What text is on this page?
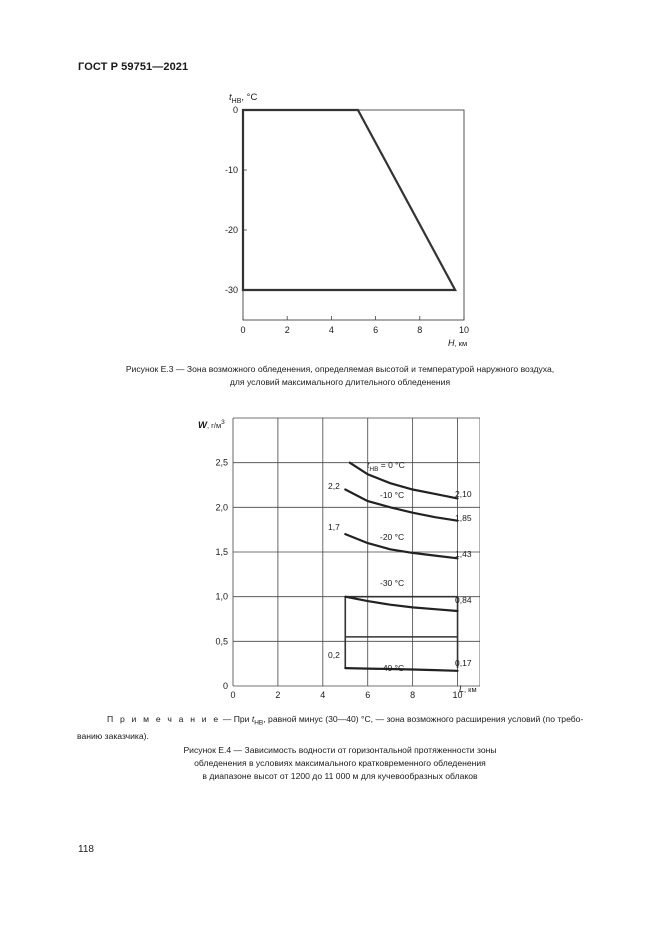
ГОСТ Р 59751—2021
0	2	4	6	8	10
0
-10
-20
-30
$t_{НВ}$, °С
H, км
Рисунок Е.3 — Зона возможного обледенения, определяемая высотой и температурой наружного воздуха,
для условий максимального длительного обледенения
0	2	4	6	8	10
0
0,5
1,0
1,5
2,0
2,5
W, $г/м^3$
L, км
$t_{НВ} = 0$ °С
-10 °С
-20 °С
-30 °С
-40 °С
2,2
1,7
0,2
2,10
1,85
1,43
0,84
0,17
П р и м е ч а н и е — При $t_{НВ}$, равной минус (30—40) °С, — зона возможного расширения условий (по требо-
ванию заказчика).
Рисунок Е.4 — Зависимость водности от горизонтальной протяженности зоны
обледенения в условиях максимального кратковременного обледенения
в диапазоне высот от 1200 до 11 000 м для кучевообразных облаков
118
